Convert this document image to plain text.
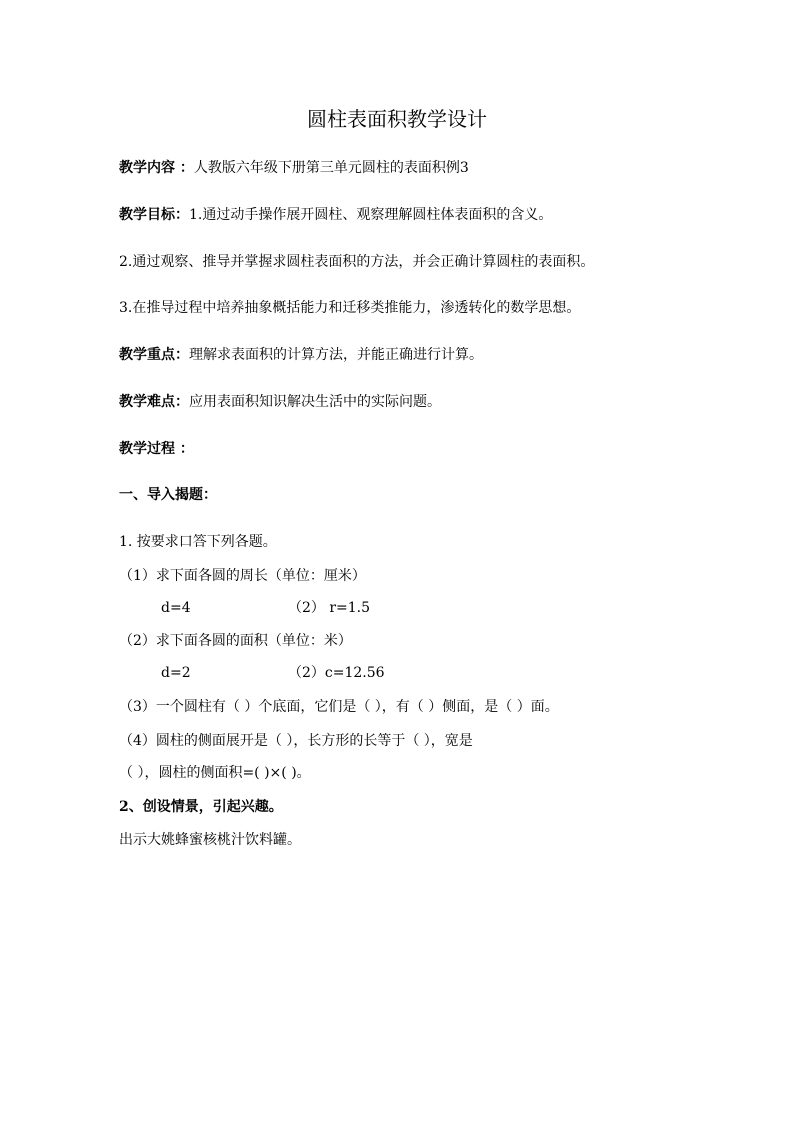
圆柱表面积教学设计
教学内容 ：人教版六年级下册第三单元圆柱的表面积例3
教学目标：1.通过动手操作展开圆柱、观察理解圆柱体表面积的含义。
2.通过观察、推导并掌握求圆柱表面积的方法，并会正确计算圆柱的表面积。
3.在推导过程中培养抽象概括能力和迁移类推能力，渗透转化的数学思想。
教学重点：理解求表面积的计算方法，并能正确进行计算。
教学难点：应用表面积知识解决生活中的实际问题。
教学过程 ：
一、导入揭题：
1. 按要求口答下列各题。
（1）求下面各圆的周长（单位：厘米）
d=4	（2） r=1.5
（2）求下面各圆的面积（单位：米）
d=2	（2）c=12.56
（3）一个圆柱有（ ）个底面，它们是（ ），有（ ）侧面，是（ ）面。
（4）圆柱的侧面展开是（ ），长方形的长等于（ ），宽是
（ ），圆柱的侧面积=( )×( )。
2、创设情景，引起兴趣。
出示大姚蜂蜜核桃汁饮料罐。
